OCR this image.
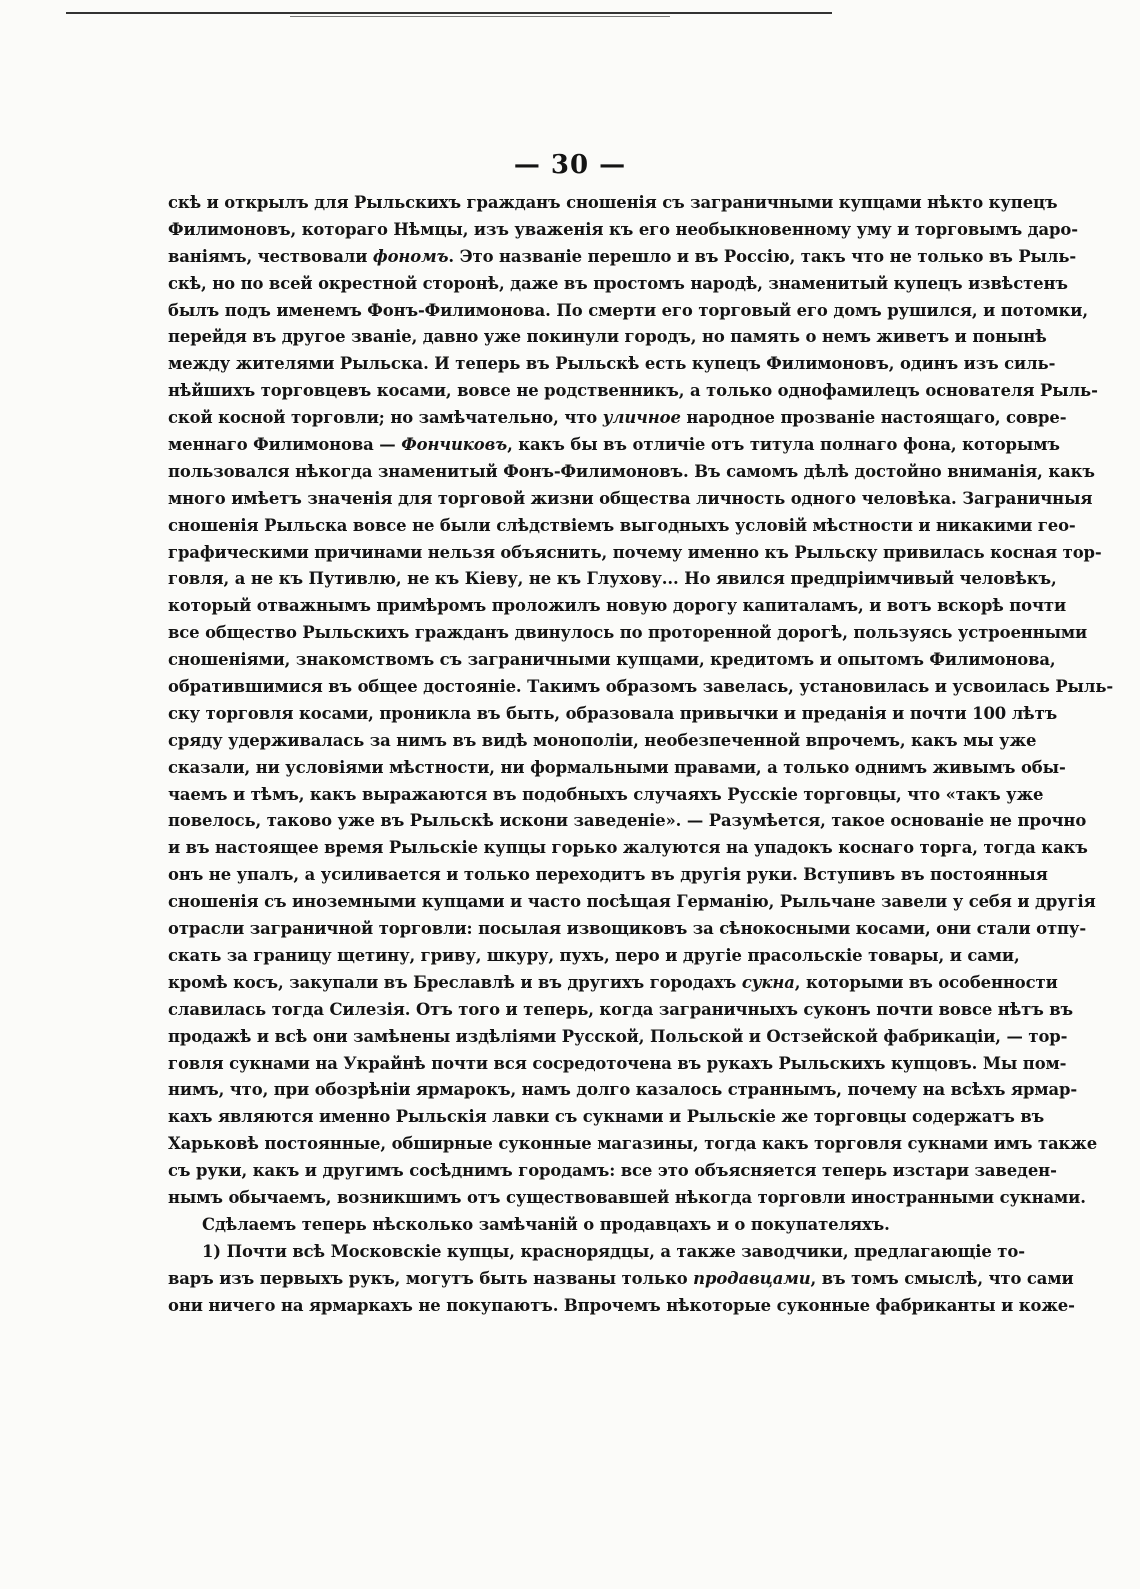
— 30 —
скѣ и открылъ для Рыльскихъ гражданъ сношенія съ заграничными купцами нѣкто купецъ
Филимоновъ, котораго Нѣмцы, изъ уваженія къ его необыкновенному уму и торговымъ даро-
ваніямъ, чествовали фономъ. Это названіе перешло и въ Россію, такъ что не только въ Рыль-
скѣ, но по всей окрестной сторонѣ, даже въ простомъ народѣ, знаменитый купецъ извѣстенъ
былъ подъ именемъ Фонъ-Филимонова. По смерти его торговый его домъ рушился, и потомки,
перейдя въ другое званіе, давно уже покинули городъ, но память о немъ живетъ и понынѣ
между жителями Рыльска. И теперь въ Рыльскѣ есть купецъ Филимоновъ, одинъ изъ силь-
нѣйшихъ торговцевъ косами, вовсе не родственникъ, а только однофамилецъ основателя Рыль-
ской косной торговли; но замѣчательно, что уличное народное прозваніе настоящаго, совре-
меннаго Филимонова — Фончиковъ, какъ бы въ отличіе отъ титула полнаго фона, которымъ
пользовался нѣкогда знаменитый Фонъ-Филимоновъ. Въ самомъ дѣлѣ достойно вниманія, какъ
много имѣетъ значенія для торговой жизни общества личность одного человѣка. Заграничныя
сношенія Рыльска вовсе не были слѣдствіемъ выгодныхъ условій мѣстности и никакими гео-
графическими причинами нельзя объяснить, почему именно къ Рыльску привилась косная тор-
говля, а не къ Путивлю, не къ Кіеву, не къ Глухову... Но явился предпріимчивый человѣкъ,
который отважнымъ примѣромъ проложилъ новую дорогу капиталамъ, и вотъ вскорѣ почти
все общество Рыльскихъ гражданъ двинулось по проторенной дорогѣ, пользуясь устроенными
сношеніями, знакомствомъ съ заграничными купцами, кредитомъ и опытомъ Филимонова,
обратившимися въ общее достояніе. Такимъ образомъ завелась, установилась и усвоилась Рыль-
ску торговля косами, проникла въ быть, образовала привычки и преданія и почти 100 лѣтъ
сряду удерживалась за нимъ въ видѣ монополіи, необезпеченной впрочемъ, какъ мы уже
сказали, ни условіями мѣстности, ни формальными правами, а только однимъ живымъ обы-
чаемъ и тѣмъ, какъ выражаются въ подобныхъ случаяхъ Русскіе торговцы, что «такъ уже
повелось, таково уже въ Рыльскѣ искони заведеніе». — Разумѣется, такое основаніе не прочно
и въ настоящее время Рыльскіе купцы горько жалуются на упадокъ коснаго торга, тогда какъ
онъ не упалъ, а усиливается и только переходитъ въ другія руки. Вступивъ въ постоянныя
сношенія съ иноземными купцами и часто посѣщая Германію, Рыльчане завели у себя и другія
отрасли заграничной торговли: посылая извощиковъ за сѣнокосными косами, они стали отпу-
скать за границу щетину, гриву, шкуру, пухъ, перо и другіе прасольскіе товары, и сами,
кромѣ косъ, закупали въ Бреславлѣ и въ другихъ городахъ сукна, которыми въ особенности
славилась тогда Силезія. Отъ того и теперь, когда заграничныхъ суконъ почти вовсе нѣтъ въ
продажѣ и всѣ они замѣнены издѣліями Русской, Польской и Остзейской фабрикаціи, — тор-
говля сукнами на Украйнѣ почти вся сосредоточена въ рукахъ Рыльскихъ купцовъ. Мы пом-
нимъ, что, при обозрѣніи ярмарокъ, намъ долго казалось страннымъ, почему на всѣхъ ярмар-
кахъ являются именно Рыльскія лавки съ сукнами и Рыльскіе же торговцы содержатъ въ
Харьковѣ постоянные, обширные суконные магазины, тогда какъ торговля сукнами имъ также
съ руки, какъ и другимъ сосѣднимъ городамъ: все это объясняется теперь изстари заведен-
нымъ обычаемъ, возникшимъ отъ существовавшей нѣкогда торговли иностранными сукнами.
Сдѣлаемъ теперь нѣсколько замѣчаній о продавцахъ и о покупателяхъ.
1) Почти всѣ Московскіе купцы, краснорядцы, а также заводчики, предлагающіе то-
варъ изъ первыхъ рукъ, могутъ быть названы только продавцами, въ томъ смыслѣ, что сами
они ничего на ярмаркахъ не покупаютъ. Впрочемъ нѣкоторые суконные фабриканты и коже-
